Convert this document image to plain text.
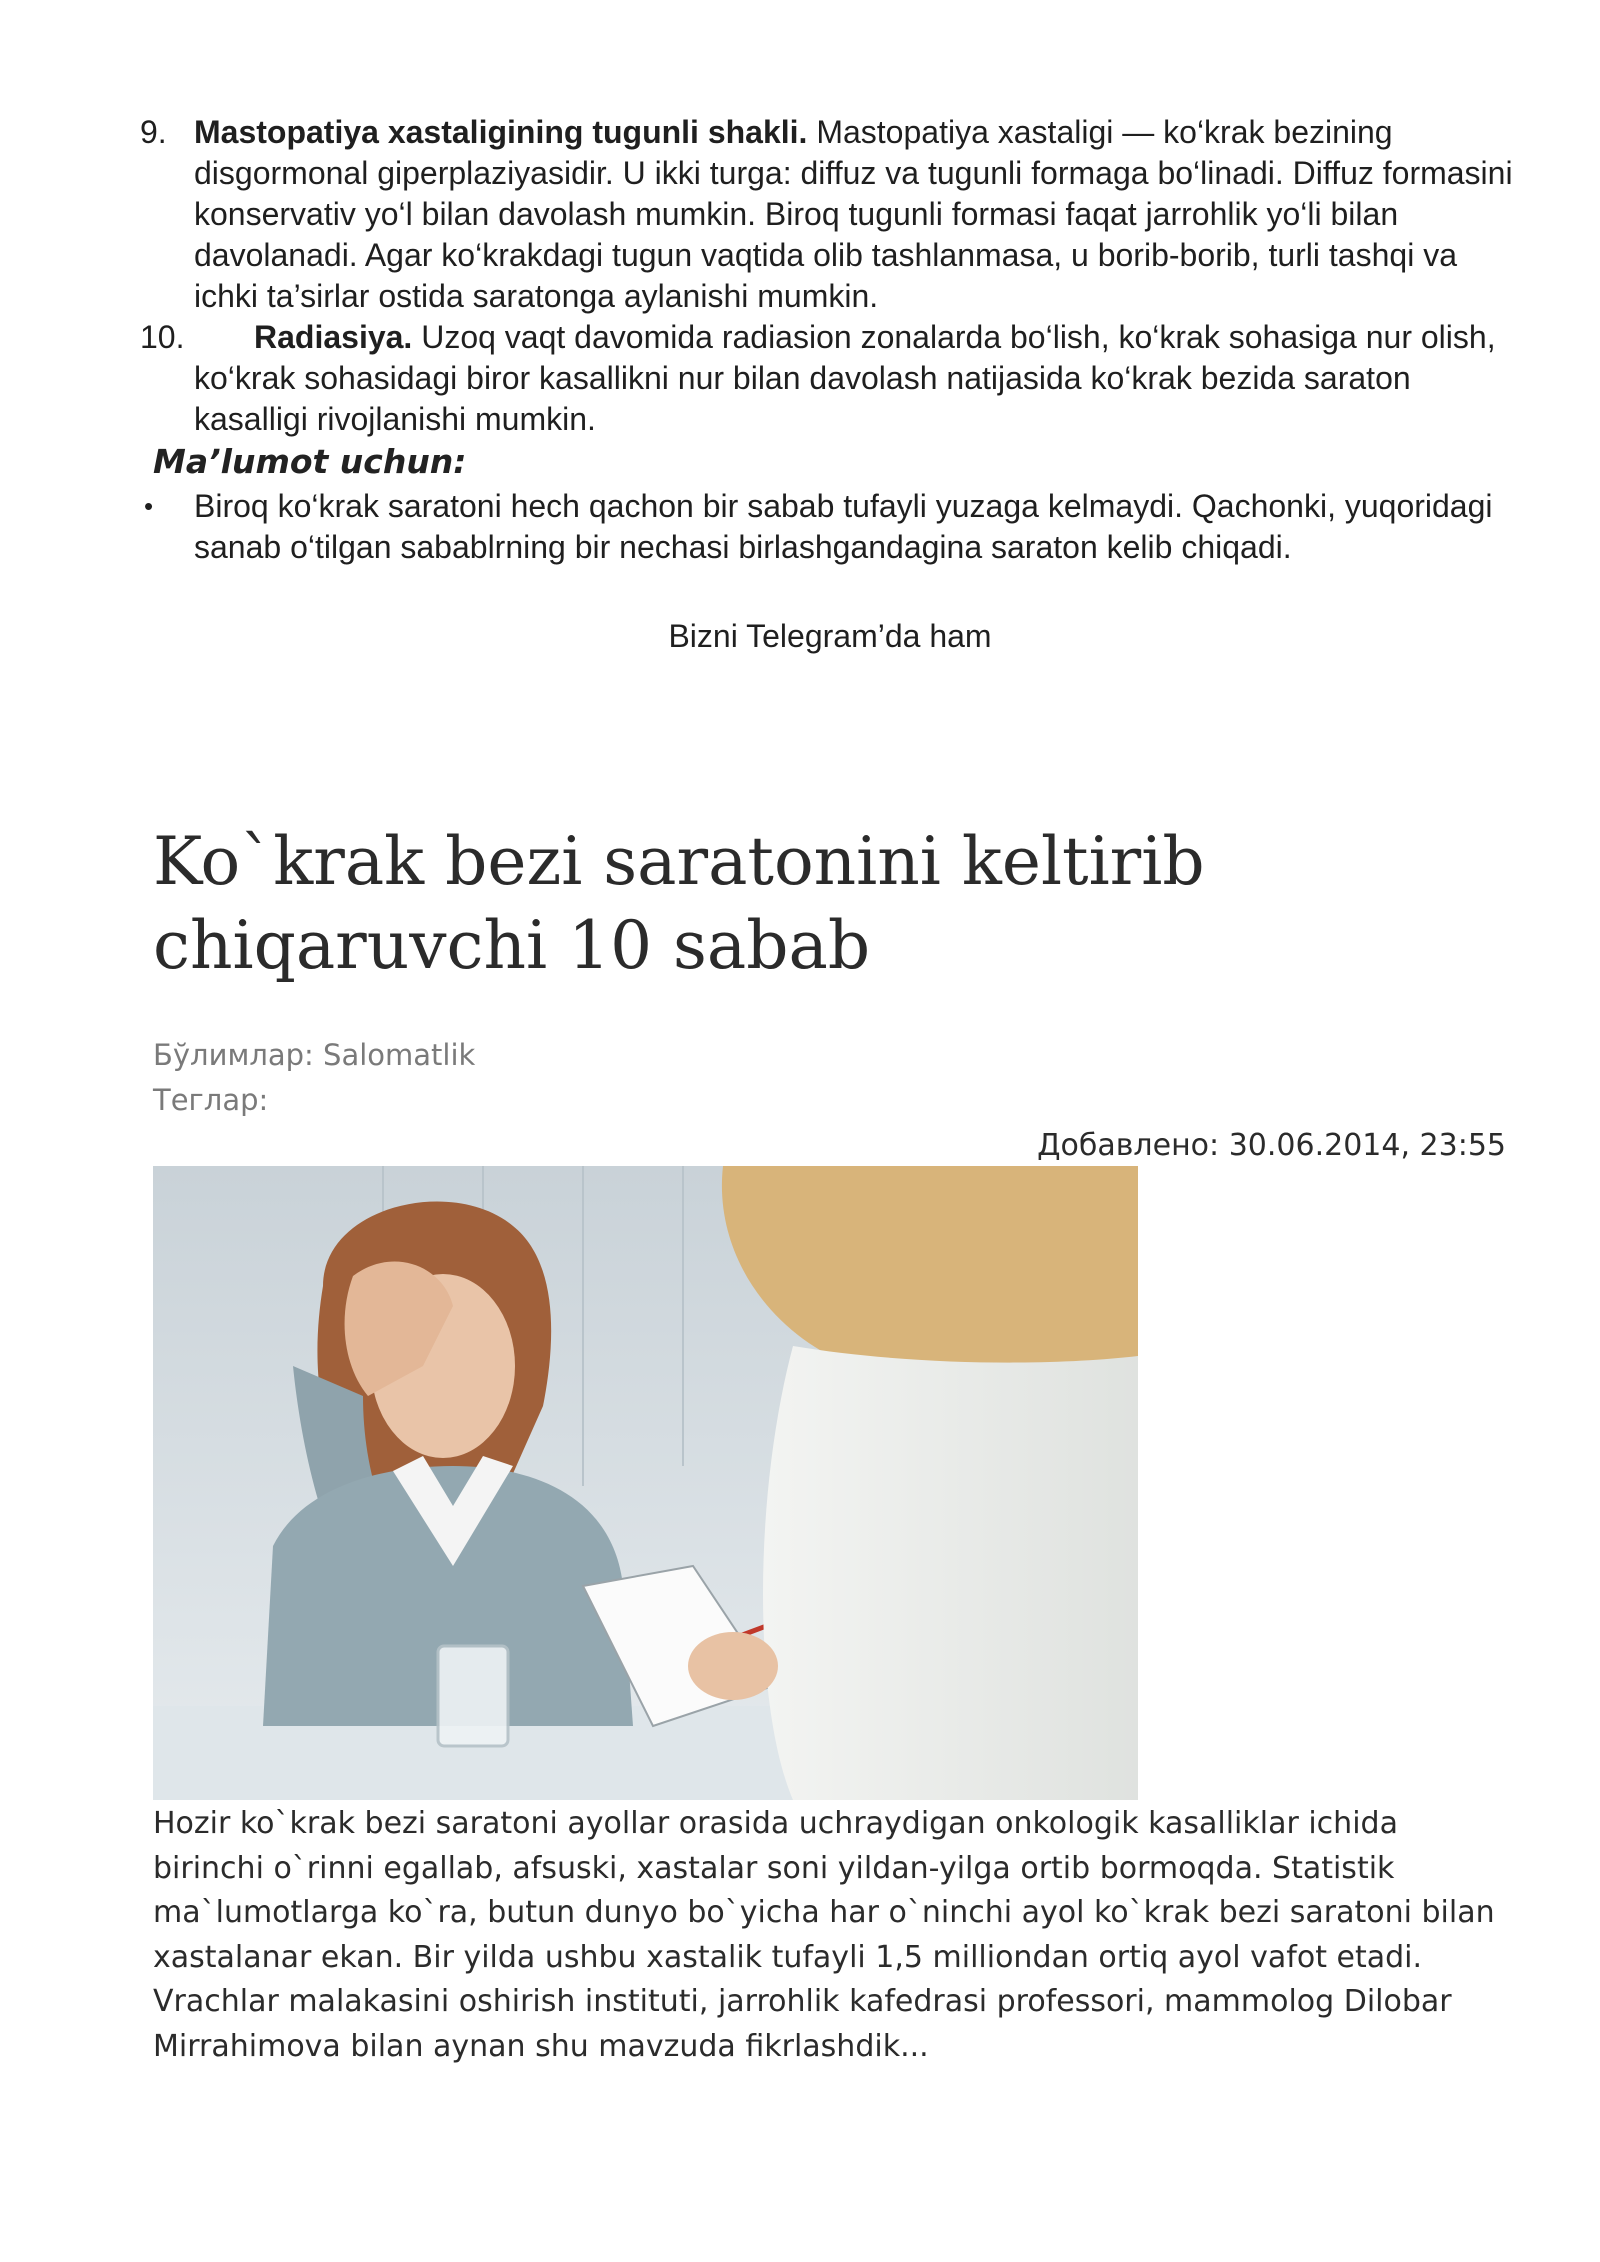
9. Mastopatiya xastaligining tugunli shakli. Mastopatiya xastaligi — ko‘krak bezining disgormonal giperplaziyasidir. U ikki turga: diffuz va tugunli formaga bo‘linadi. Diffuz formasini konservativ yo‘l bilan davolash mumkin. Biroq tugunli formasi faqat jarrohlik yo‘li bilan davolanadi. Agar ko‘krakdagi tugun vaqtida olib tashlanmasa, u borib-borib, turli tashqi va ichki ta’sirlar ostida saratonga aylanishi mumkin.
10.	Radiasiya. Uzoq vaqt davomida radiasion zonalarda bo‘lish, ko‘krak sohasiga nur olish, ko‘krak sohasidagi biror kasallikni nur bilan davolash natijasida ko‘krak bezida saraton kasalligi rivojlanishi mumkin.
Ma’lumot uchun:
• Biroq ko‘krak saratoni hech qachon bir sabab tufayli yuzaga kelmaydi. Qachonki, yuqoridagi sanab o‘tilgan sabablrning bir nechasi birlashgandagina saraton kelib chiqadi.
Bizni Telegram’da ham
Ko`krak bezi saratonini keltirib chiqaruvchi 10 sabab
Бўлимлар: Salomatlik
Теглар:
Добавлено: 30.06.2014, 23:55
Hozir ko`krak bezi saratoni ayollar orasida uchraydigan onkologik kasalliklar ichida birinchi o`rinni egallab, afsuski, xastalar soni yildan-yilga ortib bormoqda. Statistik ma`lumotlarga ko`ra, butun dunyo bo`yicha har o`ninchi ayol ko`krak bezi saratoni bilan xastalanar ekan. Bir yilda ushbu xastalik tufayli 1,5 milliondan ortiq ayol vafot etadi. Vrachlar malakasini oshirish instituti, jarrohlik kafedrasi professori, mammolog Dilobar Mirrahimova bilan aynan shu mavzuda fikrlashdik...
